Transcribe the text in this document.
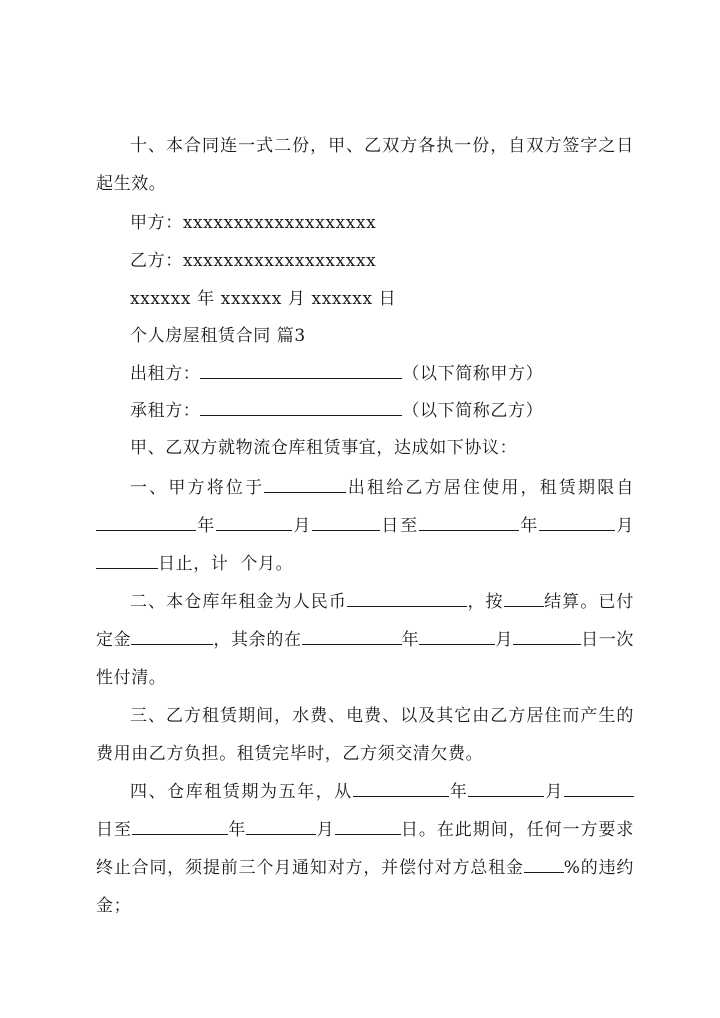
十、本合同连一式二份，甲、乙双方各执一份，自双方签字之日起生效。

甲方：xxxxxxxxxxxxxxxxxxx

乙方：xxxxxxxxxxxxxxxxxxx

xxxxxx 年 xxxxxx 月 xxxxxx 日

个人房屋租赁合同 篇3

出租方：	（以下简称甲方）

承租方：	（以下简称乙方）

甲、乙双方就物流仓库租赁事宜，达成如下协议：

一、甲方将位于	出租给乙方居住使用，租赁期限自年	月	日至	年	月日止，计 个月。

二、本仓库年租金为人民币	，按 结算。已付定金	，其余的在	年	月	日一次性付清。

三、乙方租赁期间，水费、电费、以及其它由乙方居住而产生的费用由乙方负担。租赁完毕时，乙方须交清欠费。

四、仓库租赁期为五年，从	年	月日至	年	月	日。在此期间，任何一方要求终止合同，须提前三个月通知对方，并偿付对方总租金 %的违约金；
